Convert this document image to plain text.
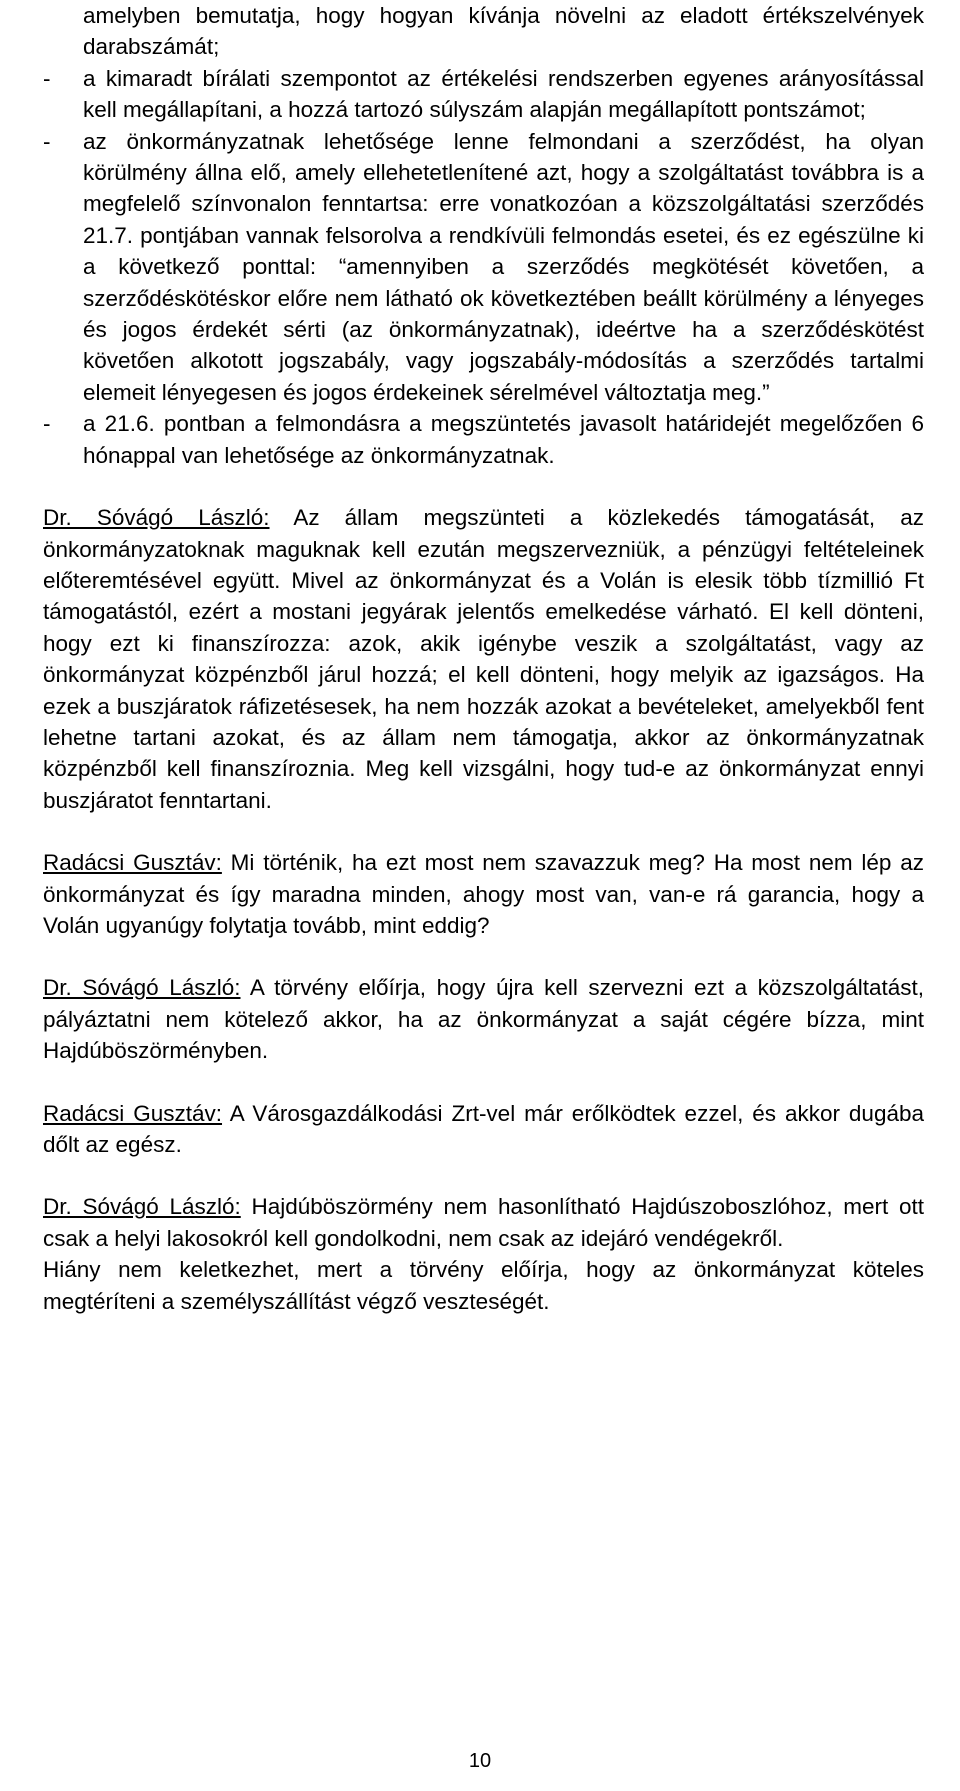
amelyben bemutatja, hogy hogyan kívánja növelni az eladott értékszelvények darabszámát;
- a kimaradt bírálati szempontot az értékelési rendszerben egyenes arányosítással kell megállapítani, a hozzá tartozó súlyszám alapján megállapított pontszámot;
- az önkormányzatnak lehetősége lenne felmondani a szerződést, ha olyan körülmény állna elő, amely ellehetetlenítené azt, hogy a szolgáltatást továbbra is a megfelelő színvonalon fenntartsa: erre vonatkozóan a közszolgáltatási szerződés 21.7. pontjában vannak felsorolva a rendkívüli felmondás esetei, és ez egészülne ki a következő ponttal: “amennyiben a szerződés megkötését követően, a szerződéskötéskor előre nem látható ok következtében beállt körülmény a lényeges és jogos érdekét sérti (az önkormányzatnak), ideértve ha a szerződéskötést követően alkotott jogszabály, vagy jogszabály-módosítás a szerződés tartalmi elemeit lényegesen és jogos érdekeinek sérelmével változtatja meg.”
- a 21.6. pontban a felmondásra a megszüntetés javasolt határidejét megelőzően 6 hónappal van lehetősége az önkormányzatnak.

Dr. Sóvágó László: Az állam megszünteti a közlekedés támogatását, az önkormányzatoknak maguknak kell ezután megszervezniük, a pénzügyi feltételeinek előteremtésével együtt. Mivel az önkormányzat és a Volán is elesik több tízmillió Ft támogatástól, ezért a mostani jegyárak jelentős emelkedése várható. El kell dönteni, hogy ezt ki finanszírozza: azok, akik igénybe veszik a szolgáltatást, vagy az önkormányzat közpénzből járul hozzá; el kell dönteni, hogy melyik az igazságos. Ha ezek a buszjáratok ráfizetésesek, ha nem hozzák azokat a bevételeket, amelyekből fent lehetne tartani azokat, és az állam nem támogatja, akkor az önkormányzatnak közpénzből kell finanszíroznia. Meg kell vizsgálni, hogy tud-e az önkormányzat ennyi buszjáratot fenntartani.

Radácsi Gusztáv: Mi történik, ha ezt most nem szavazzuk meg? Ha most nem lép az önkormányzat és így maradna minden, ahogy most van, van-e rá garancia, hogy a Volán ugyanúgy folytatja tovább, mint eddig?

Dr. Sóvágó László: A törvény előírja, hogy újra kell szervezni ezt a közszolgáltatást, pályáztatni nem kötelező akkor, ha az önkormányzat a saját cégére bízza, mint Hajdúböszörményben.

Radácsi Gusztáv: A Városgazdálkodási Zrt-vel már erőlködtek ezzel, és akkor dugába dőlt az egész.

Dr. Sóvágó László: Hajdúböszörmény nem hasonlítható Hajdúszoboszlóhoz, mert ott csak a helyi lakosokról kell gondolkodni, nem csak az idejáró vendégekről.

Hiány nem keletkezhet, mert a törvény előírja, hogy az önkormányzat köteles megtéríteni a személyszállítást végző veszteségét.

10
